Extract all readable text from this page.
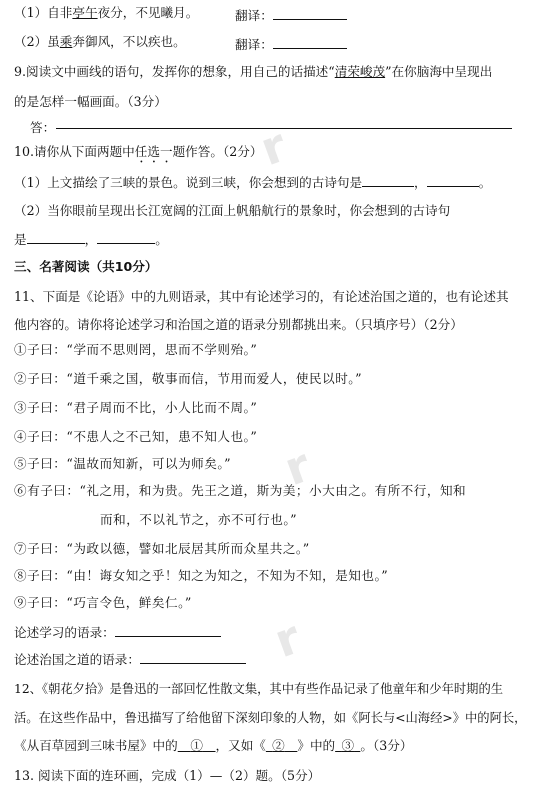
r
r
r
（1）自非亭午夜分，不见曦月。	翻译：
（2）虽乘奔御风，不以疾也。	翻译：
9.阅读文中画线的语句，发挥你的想象，用自己的话描述“清荣峻茂”在你脑海中呈现出
的是怎样一幅画面。（3分）
答：
10.请你从下面两题中任选一题作答。（2分）
（1）上文描绘了三峡的景色。说到三峡，你会想到的古诗句是	，	。
（2）当你眼前呈现出长江宽阔的江面上帆船航行的景象时，你会想到的古诗句
是	，	。
三、名著阅读（共10分）
11、下面是《论语》中的九则语录，其中有论述学习的，有论述治国之道的，也有论述其
他内容的。请你将论述学习和治国之道的语录分别都挑出来。（只填序号）（2分）
①子曰：“学而不思则罔，思而不学则殆。”
②子曰：“道千乘之国，敬事而信，节用而爱人，使民以时。”
③子曰：“君子周而不比，小人比而不周。”
④子曰：“不患人之不己知，患不知人也。”
⑤子曰：“温故而知新，可以为师矣。”
⑥有子曰：“礼之用，和为贵。先王之道，斯为美；小大由之。有所不行，知和
而和，不以礼节之，亦不可行也。”
⑦子曰：“为政以德，譬如北辰居其所而众星共之。”
⑧子曰：“由！诲女知之乎！知之为知之，不知为不知，是知也。”
⑨子曰：“巧言令色，鲜矣仁。”
论述学习的语录：
论述治国之道的语录：
12、《朝花夕拾》是鲁迅的一部回忆性散文集，其中有些作品记录了他童年和少年时期的生
活。在这些作品中，鲁迅描写了给他留下深刻印象的人物，如《阿长与<山海经>》中的阿长，
《从百草园到三味书屋》中的  ①  ，又如《  ②  》中的  ③  。（3分）
13. 阅读下面的连环画，完成（1）—（2）题。（5分）
